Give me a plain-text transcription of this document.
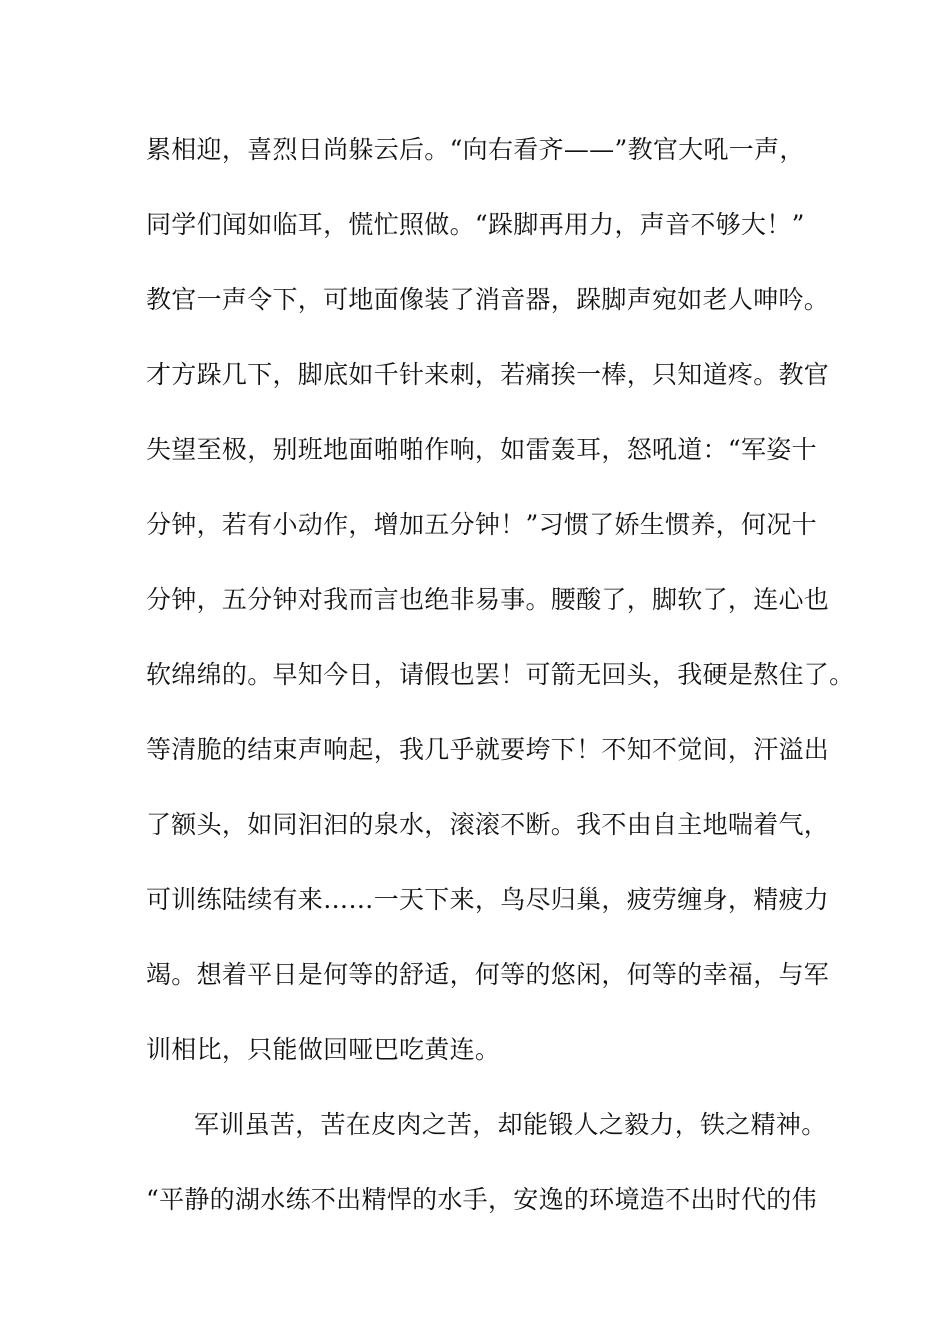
累相迎，喜烈日尚躲云后。“向右看齐——”教官大吼一声，
同学们闻如临耳，慌忙照做。“跺脚再用力，声音不够大！”
教官一声令下，可地面像装了消音器，跺脚声宛如老人呻吟。
才方跺几下，脚底如千针来刺，若痛挨一棒，只知道疼。教官
失望至极，别班地面啪啪作响，如雷轰耳，怒吼道：“军姿十
分钟，若有小动作，增加五分钟！”习惯了娇生惯养，何况十
分钟，五分钟对我而言也绝非易事。腰酸了，脚软了，连心也
软绵绵的。早知今日，请假也罢！可箭无回头，我硬是熬住了。
等清脆的结束声响起，我几乎就要垮下！不知不觉间，汗溢出
了额头，如同汩汩的泉水，滚滚不断。我不由自主地喘着气，
可训练陆续有来……一天下来，鸟尽归巢，疲劳缠身，精疲力
竭。想着平日是何等的舒适，何等的悠闲，何等的幸福，与军
训相比，只能做回哑巴吃黄连。
军训虽苦，苦在皮肉之苦，却能锻人之毅力，铁之精神。
“平静的湖水练不出精悍的水手，安逸的环境造不出时代的伟
